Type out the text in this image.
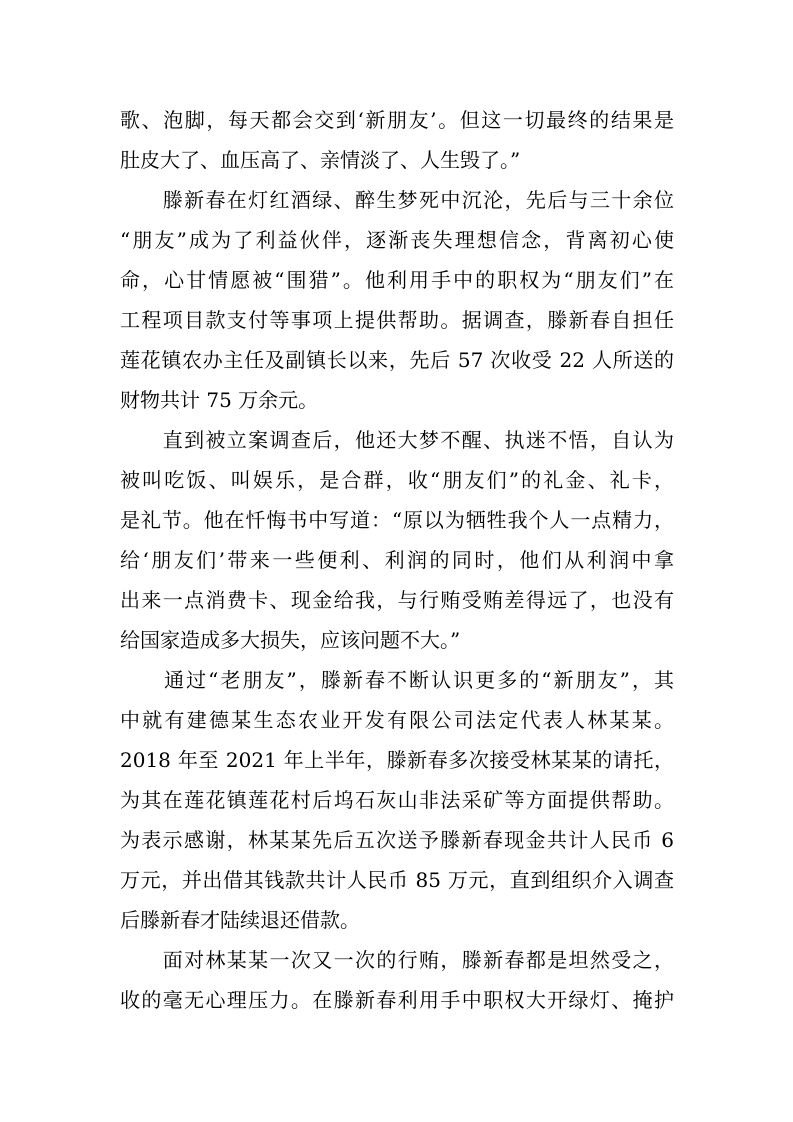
歌、泡脚，每天都会交到‘新朋友’。但这一切最终的结果是
肚皮大了、血压高了、亲情淡了、人生毁了。”
　　滕新春在灯红酒绿、醉生梦死中沉沦，先后与三十余位
“朋友”成为了利益伙伴，逐渐丧失理想信念，背离初心使
命，心甘情愿被“围猎”。他利用手中的职权为“朋友们”在
工程项目款支付等事项上提供帮助。据调查，滕新春自担任
莲花镇农办主任及副镇长以来，先后 57 次收受 22 人所送的
财物共计 75 万余元。
　　直到被立案调查后，他还大梦不醒、执迷不悟，自认为
被叫吃饭、叫娱乐，是合群，收“朋友们”的礼金、礼卡，
是礼节。他在忏悔书中写道：“原以为牺牲我个人一点精力，
给‘朋友们’带来一些便利、利润的同时，他们从利润中拿
出来一点消费卡、现金给我，与行贿受贿差得远了，也没有
给国家造成多大损失，应该问题不大。”
　　通过“老朋友”，滕新春不断认识更多的“新朋友”，其
中就有建德某生态农业开发有限公司法定代表人林某某。
2018 年至 2021 年上半年，滕新春多次接受林某某的请托，
为其在莲花镇莲花村后坞石灰山非法采矿等方面提供帮助。
为表示感谢，林某某先后五次送予滕新春现金共计人民币 6
万元，并出借其钱款共计人民币 85 万元，直到组织介入调查
后滕新春才陆续退还借款。
　　面对林某某一次又一次的行贿，滕新春都是坦然受之，
收的毫无心理压力。在滕新春利用手中职权大开绿灯、掩护
